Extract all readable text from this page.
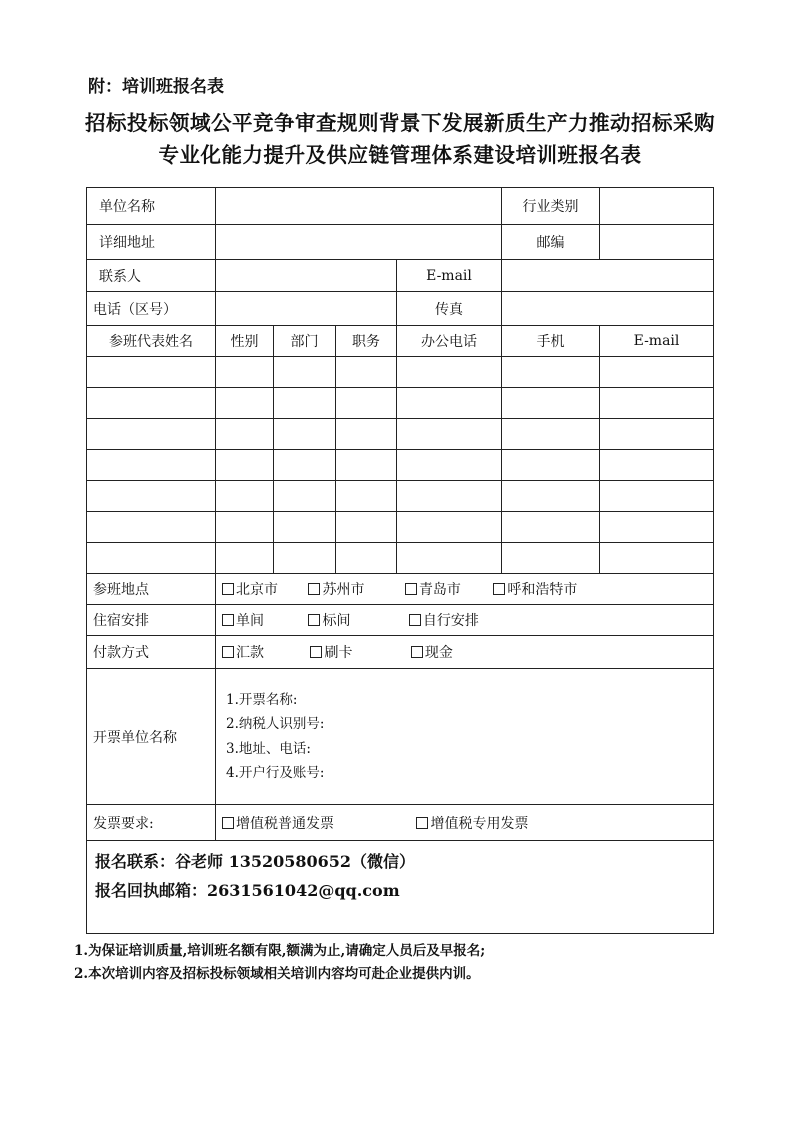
附：培训班报名表
招标投标领域公平竞争审查规则背景下发展新质生产力推动招标采购
专业化能力提升及供应链管理体系建设培训班报名表
单位名称					行业类别	
详细地址					邮编	
联系人				E-mail		
电话（区号）				传真		
参班代表姓名	性别	部门	职务	办公电话	手机	E-mail

参班地点	北京市 苏州市 青岛市 呼和浩特市					
住宿安排	单间 标间 自行安排					
付款方式	汇款 刷卡 现金					
开票单位名称	1.开票名称:
2.纳税人识别号:
3.地址、电话:
4.开户行及账号:					

发票要求:	增值税普通发票 增值税专用发票					

报名联系：谷老师 13520580652（微信）
报名回执邮箱：2631561042@qq.com						
1.为保证培训质量,培训班名额有限,额满为止,请确定人员后及早报名;
2.本次培训内容及招标投标领域相关培训内容均可赴企业提供内训。
